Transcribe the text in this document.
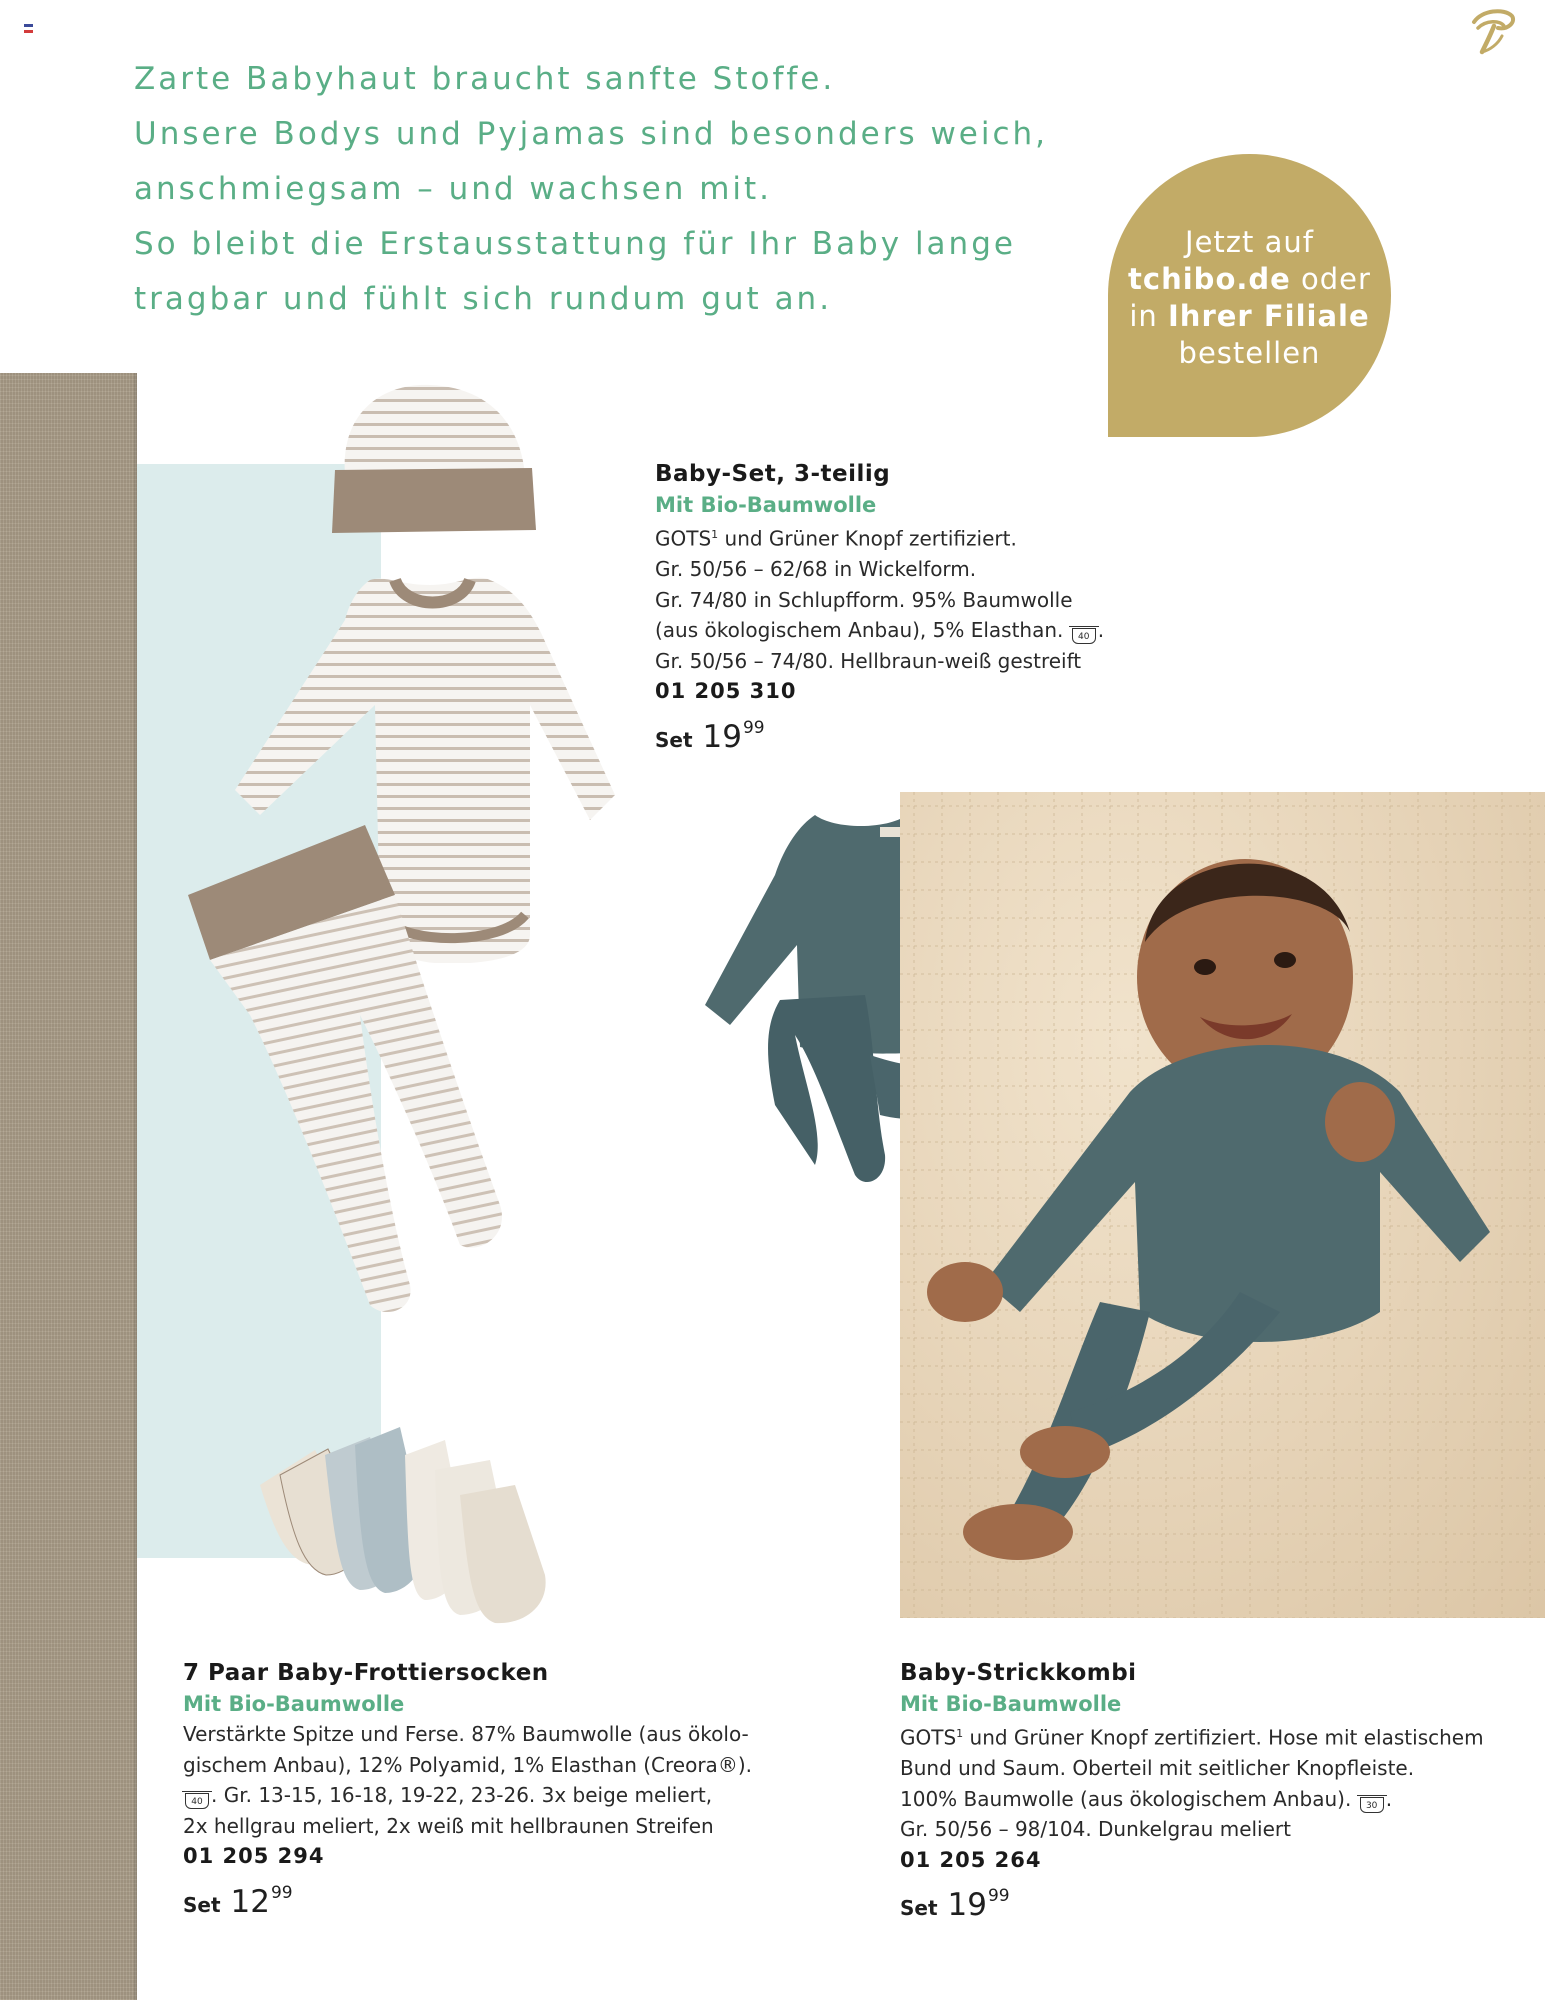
Zarte Babyhaut braucht sanfte Stoffe.
Unsere Bodys und Pyjamas sind besonders weich,
anschmiegsam – und wachsen mit.
So bleibt die Erstausstattung für Ihr Baby lange
tragbar und fühlt sich rundum gut an.
Jetzt auf
tchibo.de oder
in Ihrer Filiale
bestellen
Baby-Set, 3-teilig
Mit Bio-Baumwolle
GOTS$^1$ und Grüner Knopf zertifiziert.
Gr. 50/56 – 62/68 in Wickelform.
Gr. 74/80 in Schlupfform. 95% Baumwolle
(aus ökologischem Anbau), 5% Elasthan. 40 .
Gr. 50/56 – 74/80. Hellbraun-weiß gestreift
01 205 310
Set $19^{99}$
7 Paar Baby-Frottiersocken
Mit Bio-Baumwolle
Verstärkte Spitze und Ferse. 87% Baumwolle (aus ökolo-
gischem Anbau), 12% Polyamid, 1% Elasthan (Creora®).
40 . Gr. 13-15, 16-18, 19-22, 23-26. 3x beige meliert,
2x hellgrau meliert, 2x weiß mit hellbraunen Streifen
01 205 294
Set $12^{99}$
Baby-Strickkombi
Mit Bio-Baumwolle
GOTS$^1$ und Grüner Knopf zertifiziert. Hose mit elastischem
Bund und Saum. Oberteil mit seitlicher Knopfleiste.
100% Baumwolle (aus ökologischem Anbau). 30 .
Gr. 50/56 – 98/104. Dunkelgrau meliert
01 205 264
Set $19^{99}$
